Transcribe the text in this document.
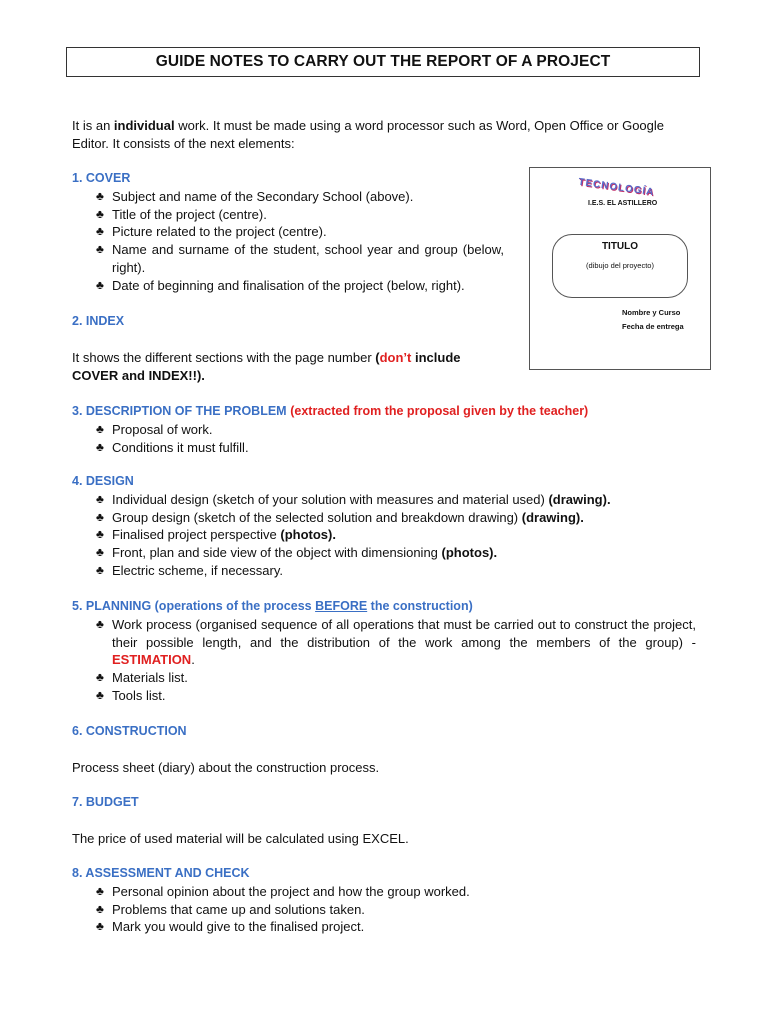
GUIDE NOTES TO CARRY OUT THE REPORT OF A PROJECT
It is an individual work. It must be made using a word processor such as Word, Open Office or Google Editor. It consists of the next elements:
1. COVER
♣ Subject and name of the Secondary School (above).
♣ Title of the project (centre).
♣ Picture related to the project (centre).
♣ Name and surname of the student, school year and group (below, right).
♣ Date of beginning and finalisation of the project (below, right).
TECNOLOGÍA
I.E.S. EL ASTILLERO
TITULO
(dibujo del proyecto)
Nombre y Curso
Fecha de entrega
2. INDEX
It shows the different sections with the page number (don’t include COVER and INDEX!!).
3. DESCRIPTION OF THE PROBLEM (extracted from the proposal given by the teacher)
♣ Proposal of work.
♣ Conditions it must fulfill.
4. DESIGN
♣ Individual design (sketch of your solution with measures and material used) (drawing).
♣ Group design (sketch of the selected solution and breakdown drawing) (drawing).
♣ Finalised project perspective (photos).
♣ Front, plan and side view of the object with dimensioning (photos).
♣ Electric scheme, if necessary.
5. PLANNING (operations of the process BEFORE the construction)
♣ Work process (organised sequence of all operations that must be carried out to construct the project, their possible length, and the distribution of the work among the members of the group) - ESTIMATION.
♣ Materials list.
♣ Tools list.
6. CONSTRUCTION
Process sheet (diary) about the construction process.
7. BUDGET
The price of used material will be calculated using EXCEL.
8. ASSESSMENT AND CHECK
♣ Personal opinion about the project and how the group worked.
♣ Problems that came up and solutions taken.
♣ Mark you would give to the finalised project.
